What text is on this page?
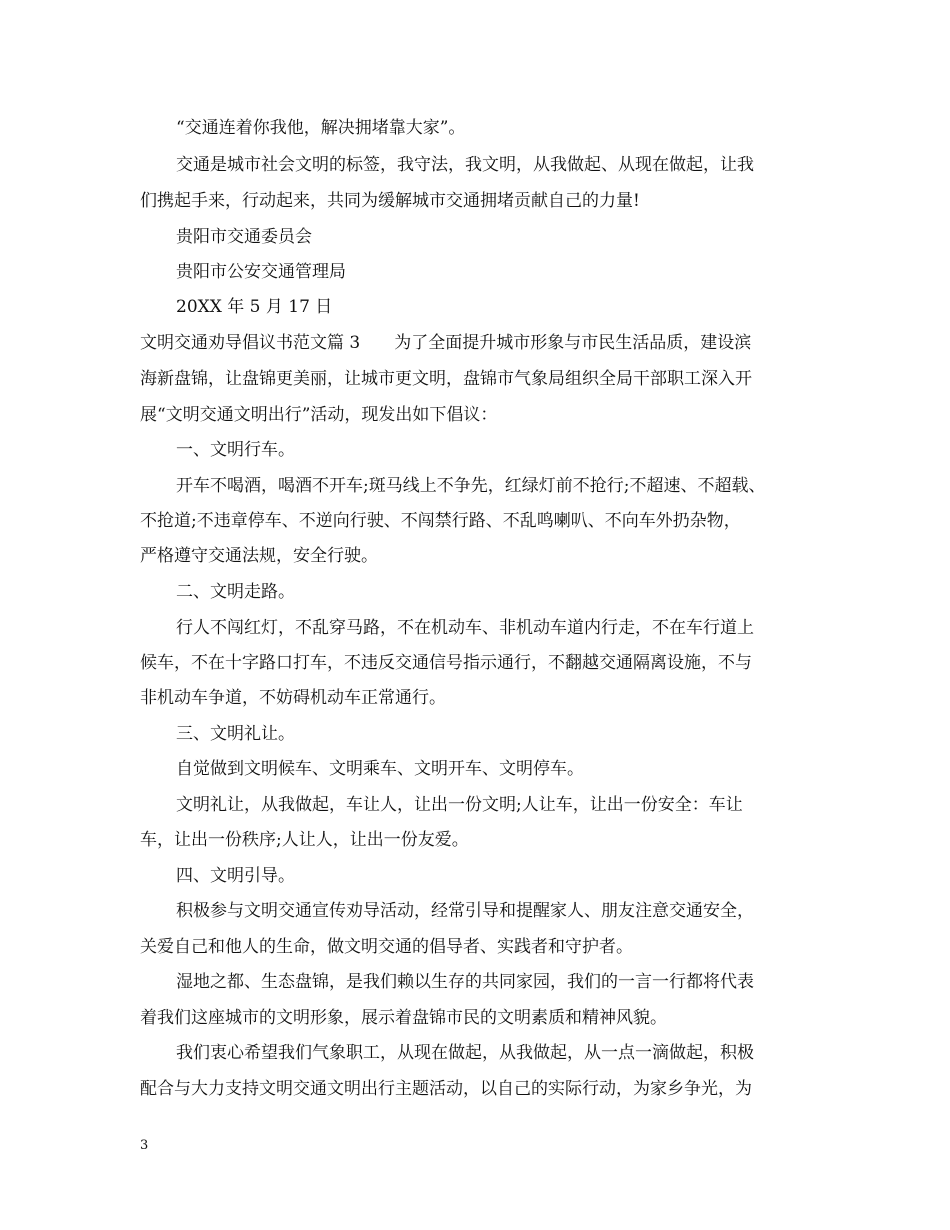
“交通连着你我他，解决拥堵靠大家”。
交通是城市社会文明的标签，我守法，我文明，从我做起、从现在做起，让我
们携起手来，行动起来，共同为缓解城市交通拥堵贡献自己的力量!
贵阳市交通委员会
贵阳市公安交通管理局
20XX 年 5 月 17 日
文明交通劝导倡议书范文篇 3　　为了全面提升城市形象与市民生活品质，建设滨
海新盘锦，让盘锦更美丽，让城市更文明，盘锦市气象局组织全局干部职工深入开
展“文明交通文明出行”活动，现发出如下倡议：
一、文明行车。
开车不喝酒，喝酒不开车;斑马线上不争先，红绿灯前不抢行;不超速、不超载、
不抢道;不违章停车、不逆向行驶、不闯禁行路、不乱鸣喇叭、不向车外扔杂物，
严格遵守交通法规，安全行驶。
二、文明走路。
行人不闯红灯，不乱穿马路，不在机动车、非机动车道内行走，不在车行道上
候车，不在十字路口打车，不违反交通信号指示通行，不翻越交通隔离设施，不与
非机动车争道，不妨碍机动车正常通行。
三、文明礼让。
自觉做到文明候车、文明乘车、文明开车、文明停车。
文明礼让，从我做起，车让人，让出一份文明;人让车，让出一份安全：车让
车，让出一份秩序;人让人，让出一份友爱。
四、文明引导。
积极参与文明交通宣传劝导活动，经常引导和提醒家人、朋友注意交通安全，
关爱自己和他人的生命，做文明交通的倡导者、实践者和守护者。
湿地之都、生态盘锦，是我们赖以生存的共同家园，我们的一言一行都将代表
着我们这座城市的文明形象，展示着盘锦市民的文明素质和精神风貌。
我们衷心希望我们气象职工，从现在做起，从我做起，从一点一滴做起，积极
配合与大力支持文明交通文明出行主题活动，以自己的实际行动，为家乡争光，为
3
